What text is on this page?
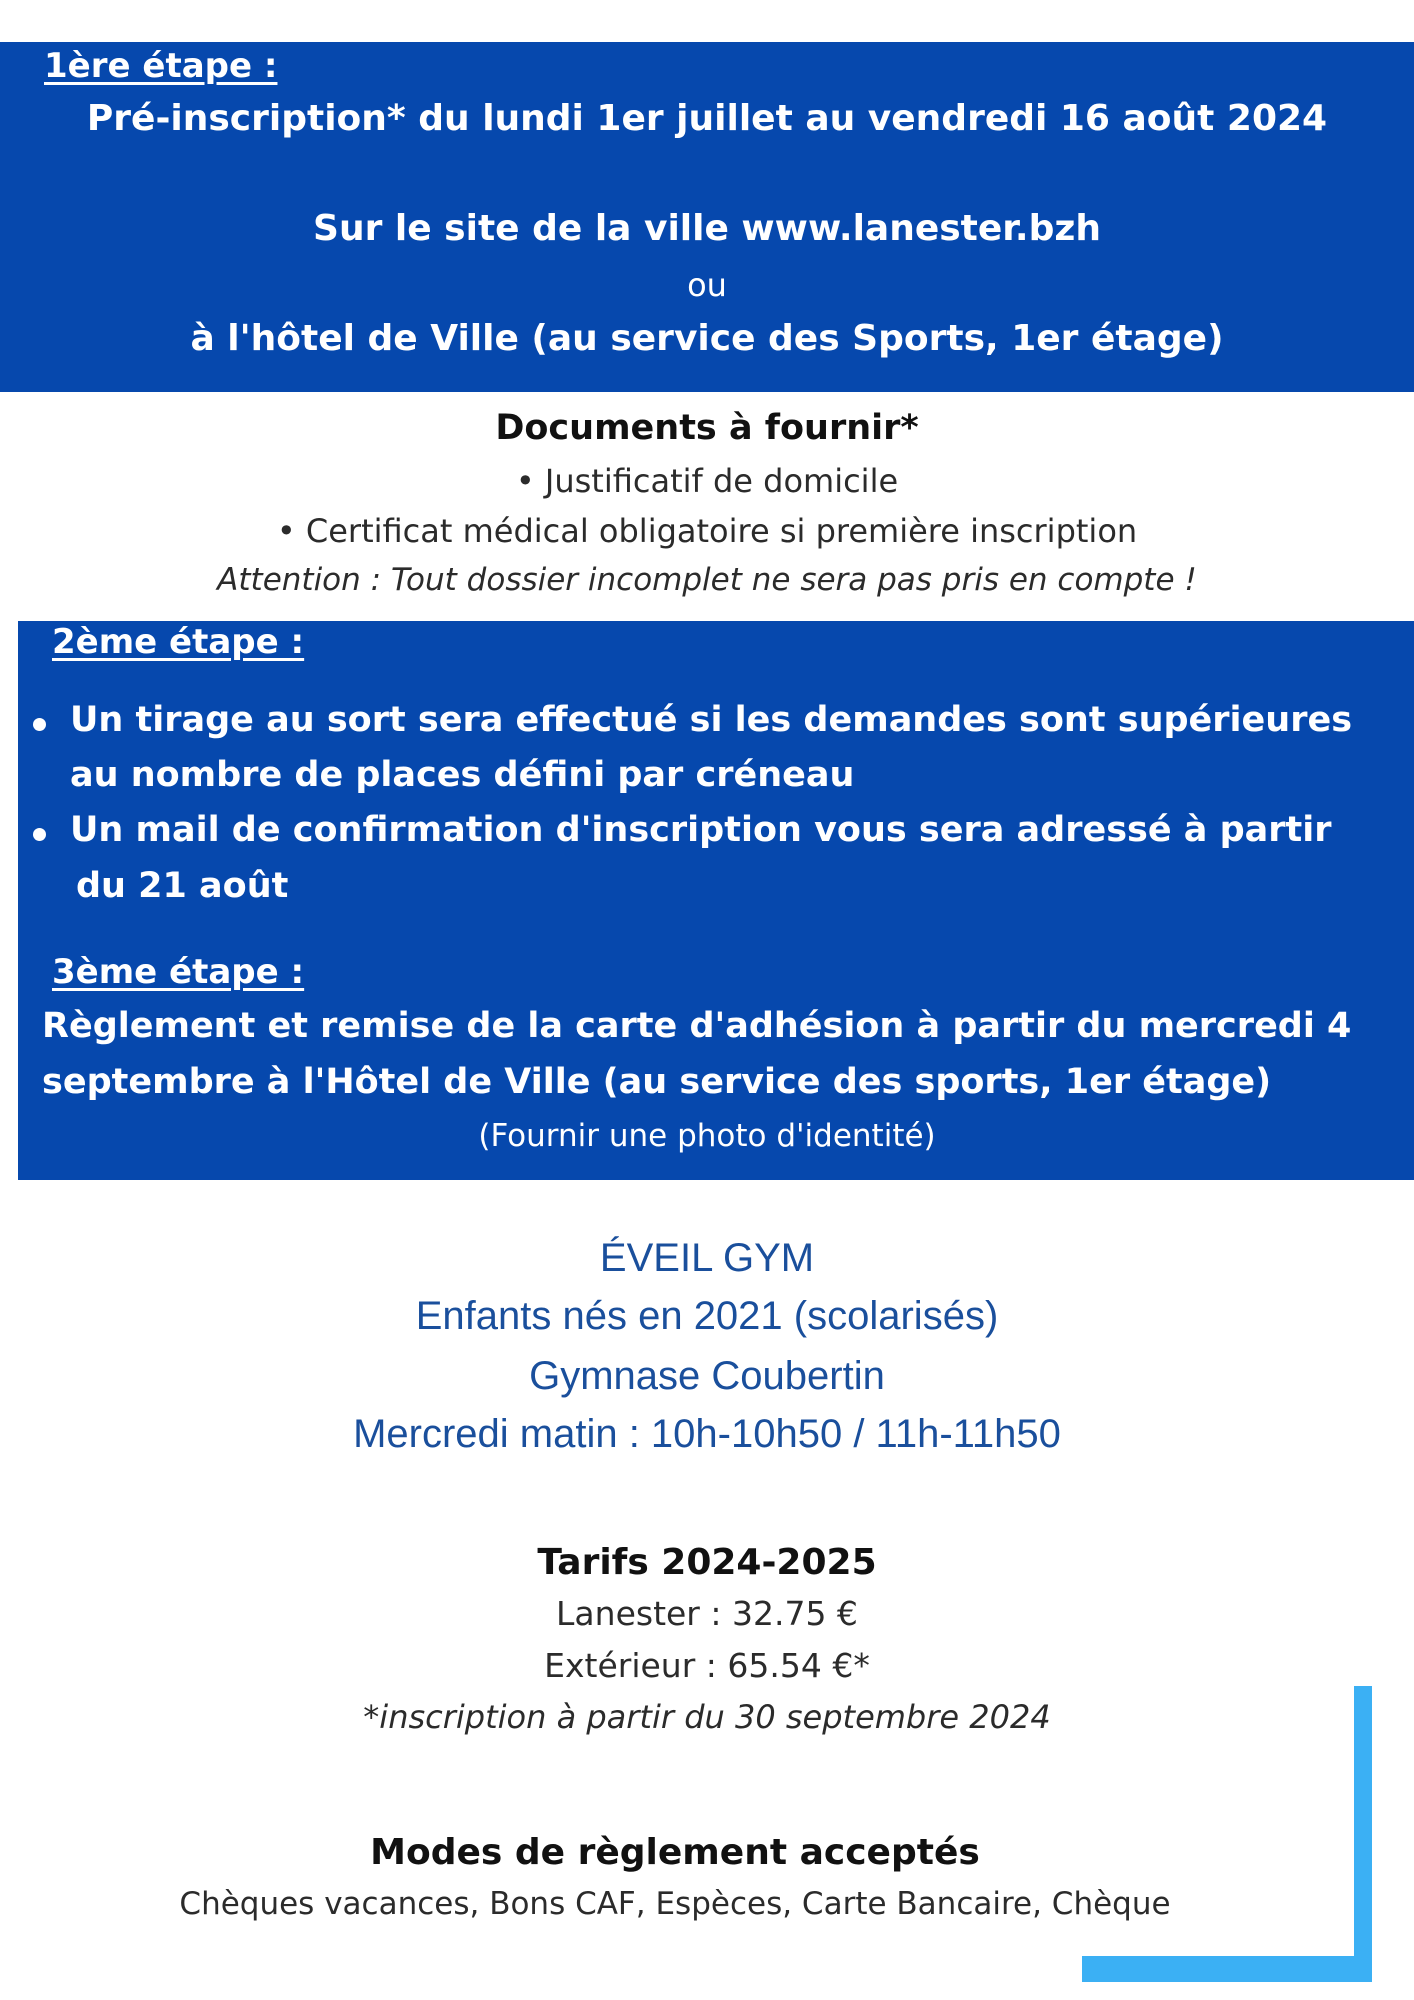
1ère étape :

Pré-inscription* du lundi 1er juillet au vendredi 16 août 2024

Sur le site de la ville www.lanester.bzh

ou

à l'hôtel de Ville (au service des Sports, 1er étage)

Documents à fournir*

• Justificatif de domicile

• Certificat médical obligatoire si première inscription

Attention : Tout dossier incomplet ne sera pas pris en compte !

2ème étape :

Un tirage au sort sera effectué si les demandes sont supérieures

au nombre de places défini par créneau

Un mail de confirmation d'inscription vous sera adressé à partir

du 21 août

3ème étape :

Règlement et remise de la carte d'adhésion à partir du mercredi 4

septembre à l'Hôtel de Ville (au service des sports, 1er étage)

(Fournir une photo d'identité)

ÉVEIL GYM

Enfants nés en 2021 (scolarisés)

Gymnase Coubertin

Mercredi matin : 10h-10h50 / 11h-11h50

Tarifs 2024-2025

Lanester : 32.75 €

Extérieur : 65.54 €*

*inscription à partir du 30 septembre 2024

Modes de règlement acceptés

Chèques vacances, Bons CAF, Espèces, Carte Bancaire, Chèque
